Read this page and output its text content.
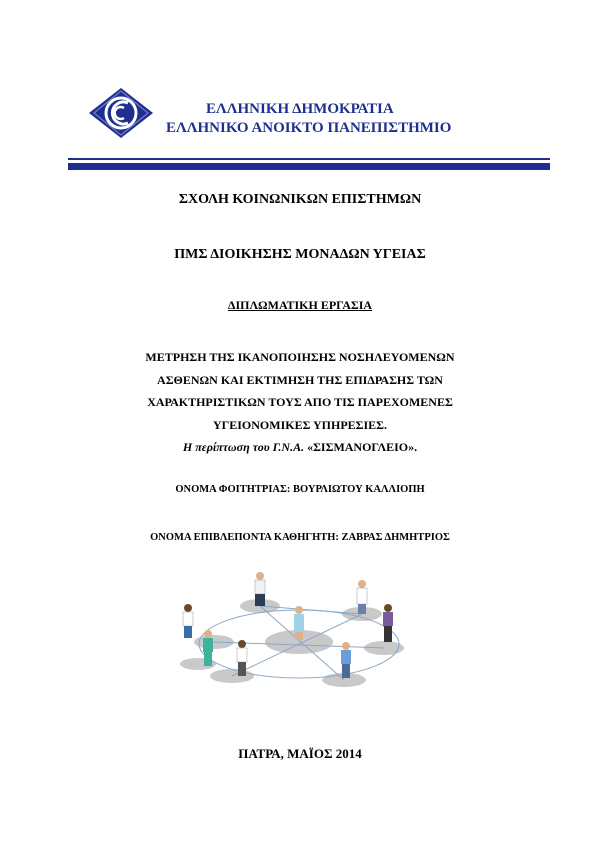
ΕΛΛΗΝΙΚΗ ΔΗΜΟΚΡΑΤΙΑ
ΕΛΛΗΝΙΚΟ ΑΝΟΙΚΤΟ ΠΑΝΕΠΙΣΤΗΜΙΟ
ΣΧΟΛΗ ΚΟΙΝΩΝΙΚΩΝ ΕΠΙΣΤΗΜΩΝ
ΠΜΣ ΔΙΟΙΚΗΣΗΣ ΜΟΝΑΔΩΝ ΥΓΕΙΑΣ
ΔΙΠΛΩΜΑΤΙΚΗ ΕΡΓΑΣΙΑ
ΜΕΤΡΗΣΗ ΤΗΣ ΙΚΑΝΟΠΟΙΗΣΗΣ ΝΟΣΗΛΕΥΟΜΕΝΩΝ
ΑΣΘΕΝΩΝ ΚΑΙ ΕΚΤΙΜΗΣΗ ΤΗΣ ΕΠΙΔΡΑΣΗΣ ΤΩΝ
ΧΑΡΑΚΤΗΡΙΣΤΙΚΩΝ ΤΟΥΣ ΑΠΟ ΤΙΣ ΠΑΡΕΧΟΜΕΝΕΣ
ΥΓΕΙΟΝΟΜΙΚΕΣ ΥΠΗΡΕΣΙΕΣ.
Η περίπτωση του Γ.Ν.Α. «ΣΙΣΜΑΝΟΓΛΕΙΟ».
ΟΝΟΜΑ ΦΟΙΤΗΤΡΙΑΣ: ΒΟΥΡΛΙΩΤΟΥ ΚΑΛΛΙΟΠΗ
ΟΝΟΜΑ ΕΠΙΒΛΕΠΟΝΤΑ ΚΑΘΗΓΗΤΗ: ΖΑΒΡΑΣ ΔΗΜΗΤΡΙΟΣ
ΠΑΤΡΑ, ΜΑΪΟΣ 2014
